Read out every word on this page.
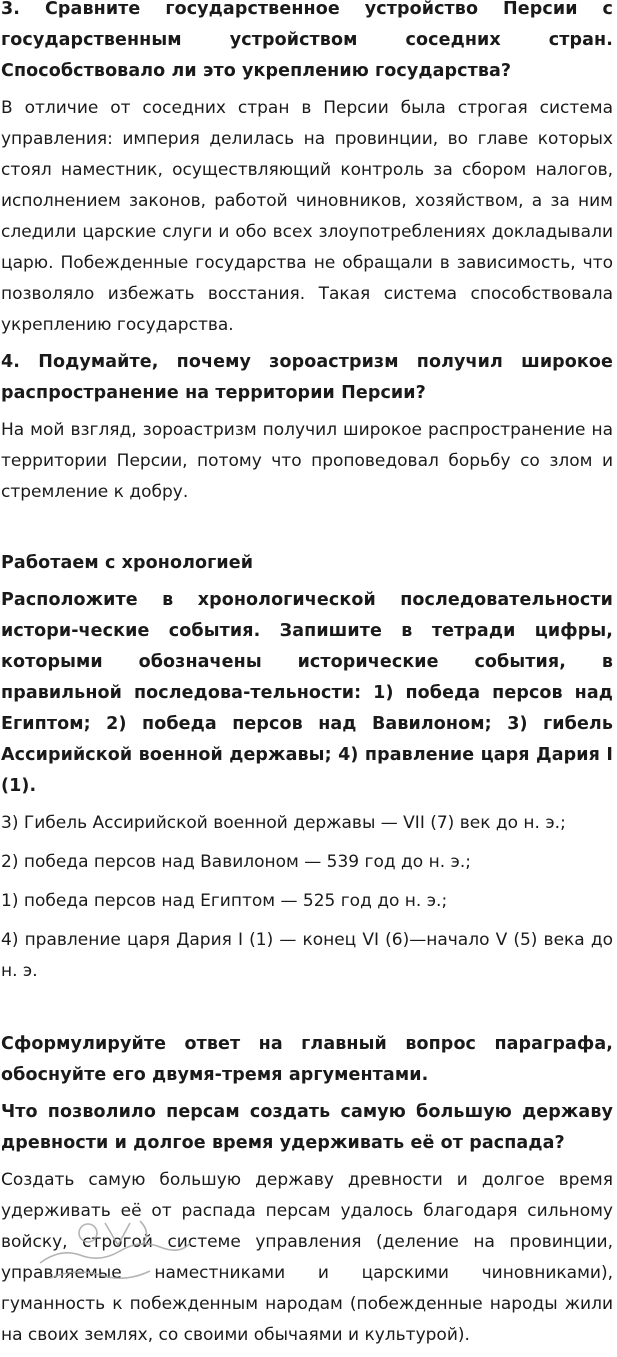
3. Сравните государственное устройство Персии с государственным устройством соседних стран. Способствовало ли это укреплению государства?

В отличие от соседних стран в Персии была строгая система управления: империя делилась на провинции, во главе которых стоял наместник, осуществляющий контроль за сбором налогов, исполнением законов, работой чиновников, хозяйством, а за ним следили царские слуги и обо всех злоупотреблениях докладывали царю. Побежденные государства не обращали в зависимость, что позволяло избежать восстания. Такая система способствовала укреплению государства.

4. Подумайте, почему зороастризм получил широкое распространение на территории Персии?

На мой взгляд, зороастризм получил широкое распространение на территории Персии, потому что проповедовал борьбу со злом и стремление к добру.

Работаем с хронологией

Расположите в хронологической последовательности истори-ческие события. Запишите в тетради цифры, которыми обозначены исторические события, в правильной последова-тельности: 1) победа персов над Египтом; 2) победа персов над Вавилоном; 3) гибель Ассирийской военной державы; 4) правление царя Дария I (1).

3) Гибель Ассирийской военной державы — VII (7) век до н. э.;

2) победа персов над Вавилоном — 539 год до н. э.;

1) победа персов над Египтом — 525 год до н. э.;

4) правление царя Дария I (1) — конец VI (6)—начало V (5) века до н. э.

Сформулируйте ответ на главный вопрос параграфа, обоснуйте его двумя-тремя аргументами.

Что позволило персам создать самую большую державу древности и долгое время удерживать её от распада?

Создать самую большую державу древности и долгое время удерживать её от распада персам удалось благодаря сильному войску, строгой системе управления (деление на провинции, управляемые наместниками и царскими чиновниками), гуманность к побежденным народам (побежденные народы жили на своих землях, со своими обычаями и культурой).
